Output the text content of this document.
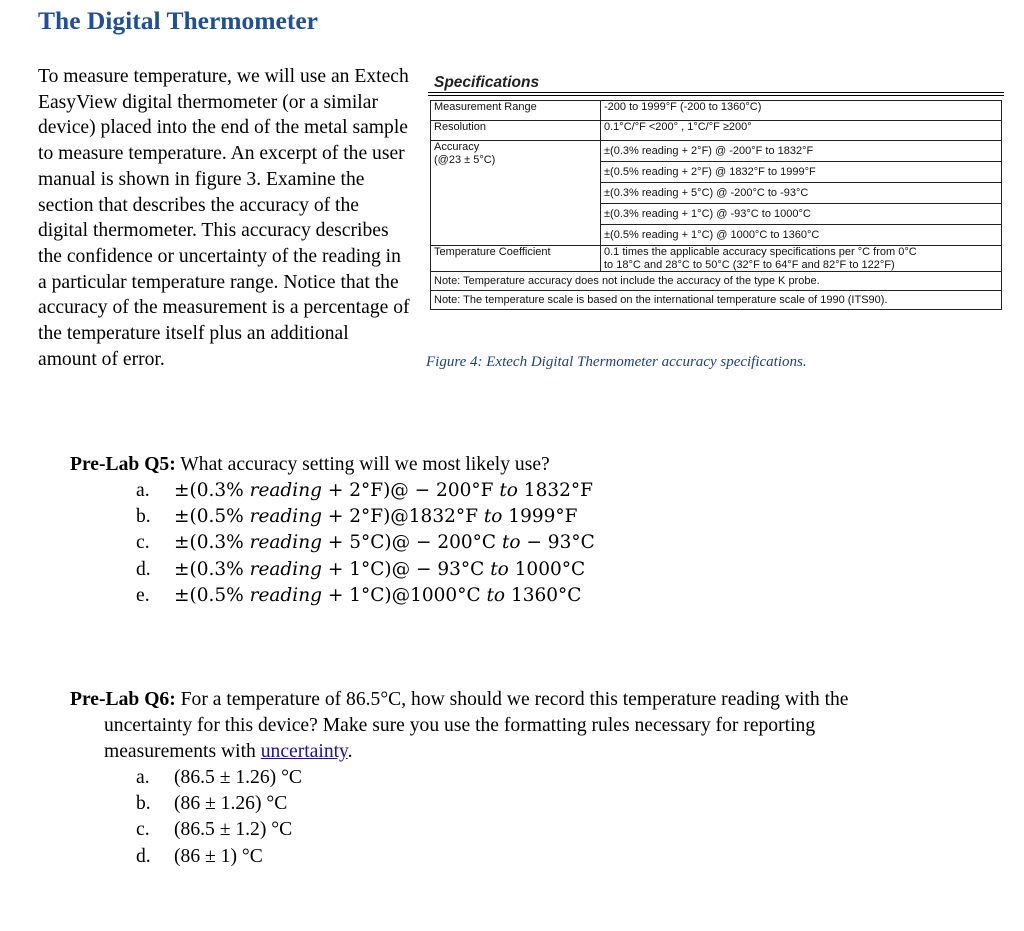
The Digital Thermometer

To measure temperature, we will use an Extech EasyView digital thermometer (or a similar device) placed into the end of the metal sample to measure temperature. An excerpt of the user manual is shown in figure 3. Examine the section that describes the accuracy of the digital thermometer. This accuracy describes the confidence or uncertainty of the reading in a particular temperature range. Notice that the accuracy of the measurement is a percentage of the temperature itself plus an additional amount of error.

Specifications
Measurement Range	-200 to 1999°F (-200 to 1360°C)
Resolution	0.1°C/°F <200° , 1°C/°F ≥200°

Accuracy
(@23 ± 5°C)	±(0.3% reading + 2°F) @ -200°F to 1832°F
	±(0.5% reading + 2°F) @ 1832°F to 1999°F
	±(0.3% reading + 5°C) @ -200°C to -93°C
	±(0.3% reading + 1°C) @ -93°C to 1000°C
	±(0.5% reading + 1°C) @ 1000°C to 1360°C
Temperature Coefficient	0.1 times the applicable accuracy specifications per °C from 0°C
to 18°C and 28°C to 50°C (32°F to 64°F and 82°F to 122°F)

Note: Temperature accuracy does not include the accuracy of the type K probe.	
Note: The temperature scale is based on the international temperature scale of 1990 (ITS90).	

Figure 4: Extech Digital Thermometer accuracy specifications.

Pre-Lab Q5: What accuracy setting will we most likely use?

a. ±(0.3% reading + 2°F)@ − 200°F to 1832°F
b. ±(0.5% reading + 2°F)@1832°F to 1999°F
c. ±(0.3% reading + 5°C)@ − 200°C to − 93°C
d. ±(0.3% reading + 1°C)@ − 93°C to 1000°C
e. ±(0.5% reading + 1°C)@1000°C to 1360°C

Pre-Lab Q6: For a temperature of 86.5°C, how should we record this temperature reading with the uncertainty for this device? Make sure you use the formatting rules necessary for reporting measurements with uncertainty.

a. (86.5 ± 1.26) °C
b. (86 ± 1.26) °C
c. (86.5 ± 1.2) °C
d. (86 ± 1) °C
